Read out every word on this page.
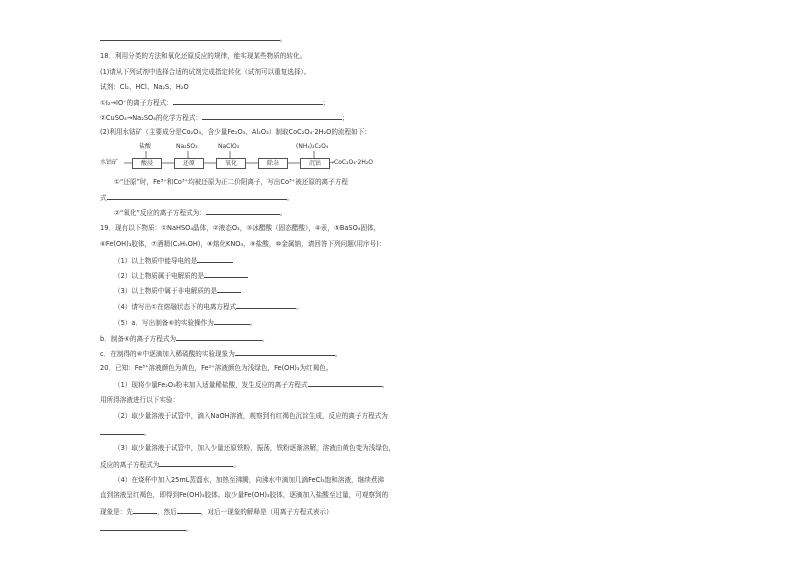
。
18．利用分类的方法和氧化还原反应的规律，能实现某些物质的转化。
(1)请从下列试剂中选择合适的试剂完成指定转化（试剂可以重复选择）。
试剂：Cl₂、HCl、Na₂S、H₂O
①I₂→IO⁻的离子方程式：	；
②CuSO₄→Na₂SO₄的化学方程式：	；
(2)利用水钴矿（主要成分是Co₂O₃，含少量Fe₂O₃、Al₂O₃）制取CoC₂O₄·2H₂O的流程如下：
水钴矿	酸浸	还原	氧化	除杂	沉钴
盐酸	Na₂SO₃	NaClO₃	(NH₄)₂C₂O₄
→CoC₂O₄·2H₂O
①“还原”时，Fe³⁺和Co³⁺均被还原为正二价阳离子，写出Co³⁺被还原的离子方程
式	。
②“氧化”反应的离子方程式为：	。
19．现有以下物质：①NaHSO₄晶体，②液态O₂，③冰醋酸（固态醋酸），④汞，⑤BaSO₄固体，
⑥Fe(OH)₃胶体，⑦酒精(C₂H₅OH)，⑧熔化KNO₃，⑨盐酸，⑩金属钠，请回答下列问题(用序号)：
（1）以上物质中能导电的是
（2）以上物质属于电解质的是
（3）以上物质中属于非电解质的是
（4）请写出①在熔融状态下的电离方程式	。
（5）a．写出制备⑥的实验操作为	。
b．制备⑥的离子方程式为	。
c．在制得的⑥中逐滴加入稀硫酸的实验现象为	。
20．已知：Fe³⁺溶液颜色为黄色，Fe²⁺溶液颜色为浅绿色，Fe(OH)₃为红褐色。
（1）现将少量Fe₂O₃粉末加入适量稀盐酸，发生反应的离子方程式	。
用所得溶液进行以下实验：
（2）取少量溶液于试管中，滴入NaOH溶液，观察到有红褐色沉淀生成，反应的离子方程式为
。
（3）取少量溶液于试管中，加入少量还原铁粉，振荡，铁粉逐渐溶解，溶液由黄色变为浅绿色，
反应的离子方程式为	。
（4）在烧杯中加入25mL蒸馏水，加热至沸腾，向沸水中滴加几滴FeCl₃饱和溶液，继续煮沸
直到溶液呈红褐色，即得到Fe(OH)₃胶体。取少量Fe(OH)₃胶体，逐滴加入盐酸至过量，可观察到的
现象是：先	，然后	，对后一现象的解释是（用离子方程式表示）
。
